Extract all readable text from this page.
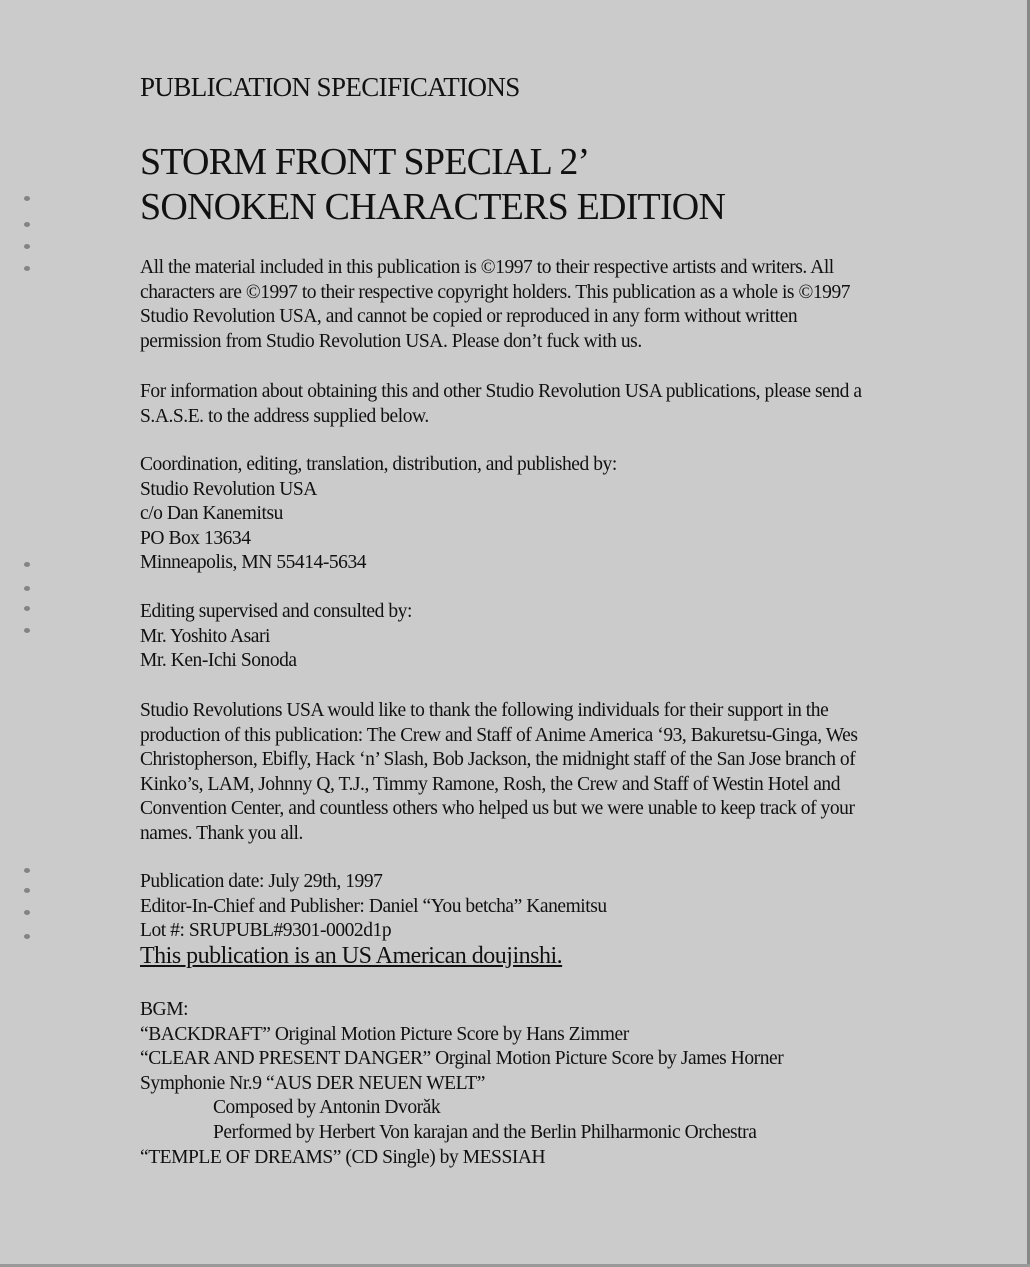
PUBLICATION SPECIFICATIONS
STORM FRONT SPECIAL 2’
SONOKEN CHARACTERS EDITION
All the material included in this publication is ©1997 to their respective artists and writers. All
characters are ©1997 to their respective copyright holders. This publication as a whole is ©1997
Studio Revolution USA, and cannot be copied or reproduced in any form without written
permission from Studio Revolution USA. Please don’t fuck with us.
For information about obtaining this and other Studio Revolution USA publications, please send a
S.A.S.E. to the address supplied below.
Coordination, editing, translation, distribution, and published by:
Studio Revolution USA
c/o Dan Kanemitsu
PO Box 13634
Minneapolis, MN 55414-5634
Editing supervised and consulted by:
Mr. Yoshito Asari
Mr. Ken-Ichi Sonoda
Studio Revolutions USA would like to thank the following individuals for their support in the
production of this publication: The Crew and Staff of Anime America ‘93, Bakuretsu-Ginga, Wes
Christopherson, Ebifly, Hack ‘n’ Slash, Bob Jackson, the midnight staff of the San Jose branch of
Kinko’s, LAM, Johnny Q, T.J., Timmy Ramone, Rosh, the Crew and Staff of Westin Hotel and
Convention Center, and countless others who helped us but we were unable to keep track of your
names. Thank you all.
Publication date: July 29th, 1997
Editor-In-Chief and Publisher: Daniel “You betcha” Kanemitsu
Lot #: SRUPUBL#9301-0002d1p
This publication is an US American doujinshi.
BGM:
“BACKDRAFT” Original Motion Picture Score by Hans Zimmer
“CLEAR AND PRESENT DANGER” Orginal Motion Picture Score by James Horner
Symphonie Nr.9 “AUS DER NEUEN WELT”
Composed by Antonin Dvorǎk
Performed by Herbert Von karajan and the Berlin Philharmonic Orchestra
“TEMPLE OF DREAMS” (CD Single) by MESSIAH
